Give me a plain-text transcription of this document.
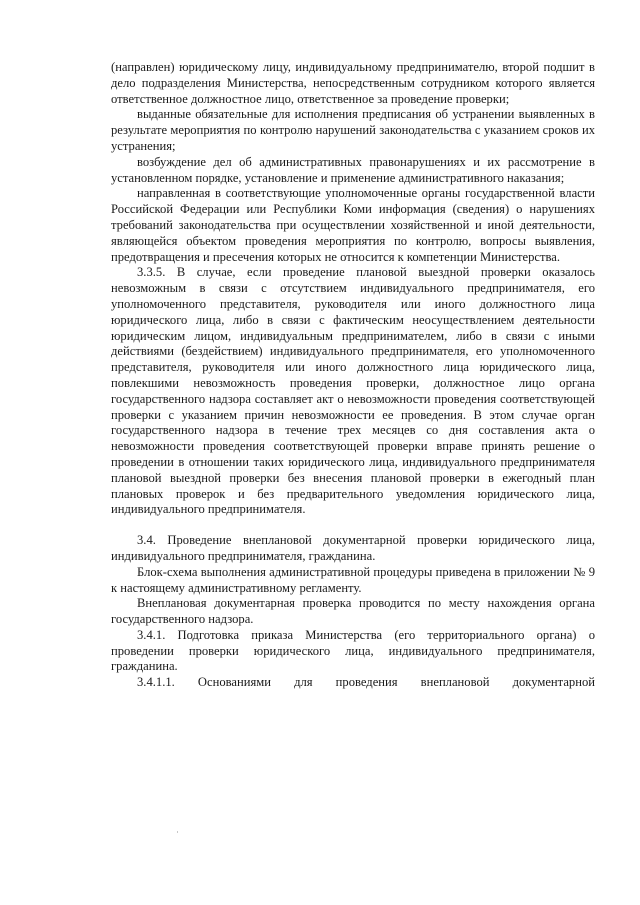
(направлен) юридическому лицу, индивидуальному предпринимателю, второй подшит в дело подразделения Министерства, непосредственным сотрудником которого является ответственное должностное лицо, ответственное за проведение проверки;

выданные обязательные для исполнения предписания об устранении выявленных в результате мероприятия по контролю нарушений законодательства с указанием сроков их устранения;

возбуждение дел об административных правонарушениях и их рассмотрение в установленном порядке, установление и применение административного наказания;

направленная в соответствующие уполномоченные органы государственной власти Российской Федерации или Республики Коми информация (сведения) о нарушениях требований законодательства при осуществлении хозяйственной и иной деятельности, являющейся объектом проведения мероприятия по контролю, вопросы выявления, предотвращения и пресечения которых не относится к компетенции Министерства.

3.3.5. В случае, если проведение плановой выездной проверки оказалось невозможным в связи с отсутствием индивидуального предпринимателя, его уполномоченного представителя, руководителя или иного должностного лица юридического лица, либо в связи с фактическим неосуществлением деятельности юридическим лицом, индивидуальным предпринимателем, либо в связи с иными действиями (бездействием) индивидуального предпринимателя, его уполномоченного представителя, руководителя или иного должностного лица юридического лица, повлекшими невозможность проведения проверки, должностное лицо органа государственного надзора составляет акт о невозможности проведения соответствующей проверки с указанием причин невозможности ее проведения. В этом случае орган государственного надзора в течение трех месяцев со дня составления акта о невозможности проведения соответствующей проверки вправе принять решение о проведении в отношении таких юридического лица, индивидуального предпринимателя плановой выездной проверки без внесения плановой проверки в ежегодный план плановых проверок и без предварительного уведомления юридического лица, индивидуального предпринимателя.

3.4. Проведение внеплановой документарной проверки юридического лица, индивидуального предпринимателя, гражданина.

Блок-схема выполнения административной процедуры приведена в приложении № 9 к настоящему административному регламенту.

Внеплановая документарная проверка проводится по месту нахождения органа государственного надзора.

3.4.1. Подготовка приказа Министерства (его территориального органа) о проведении проверки юридического лица, индивидуального предпринимателя, гражданина.

3.4.1.1. Основаниями для проведения внеплановой документарной
